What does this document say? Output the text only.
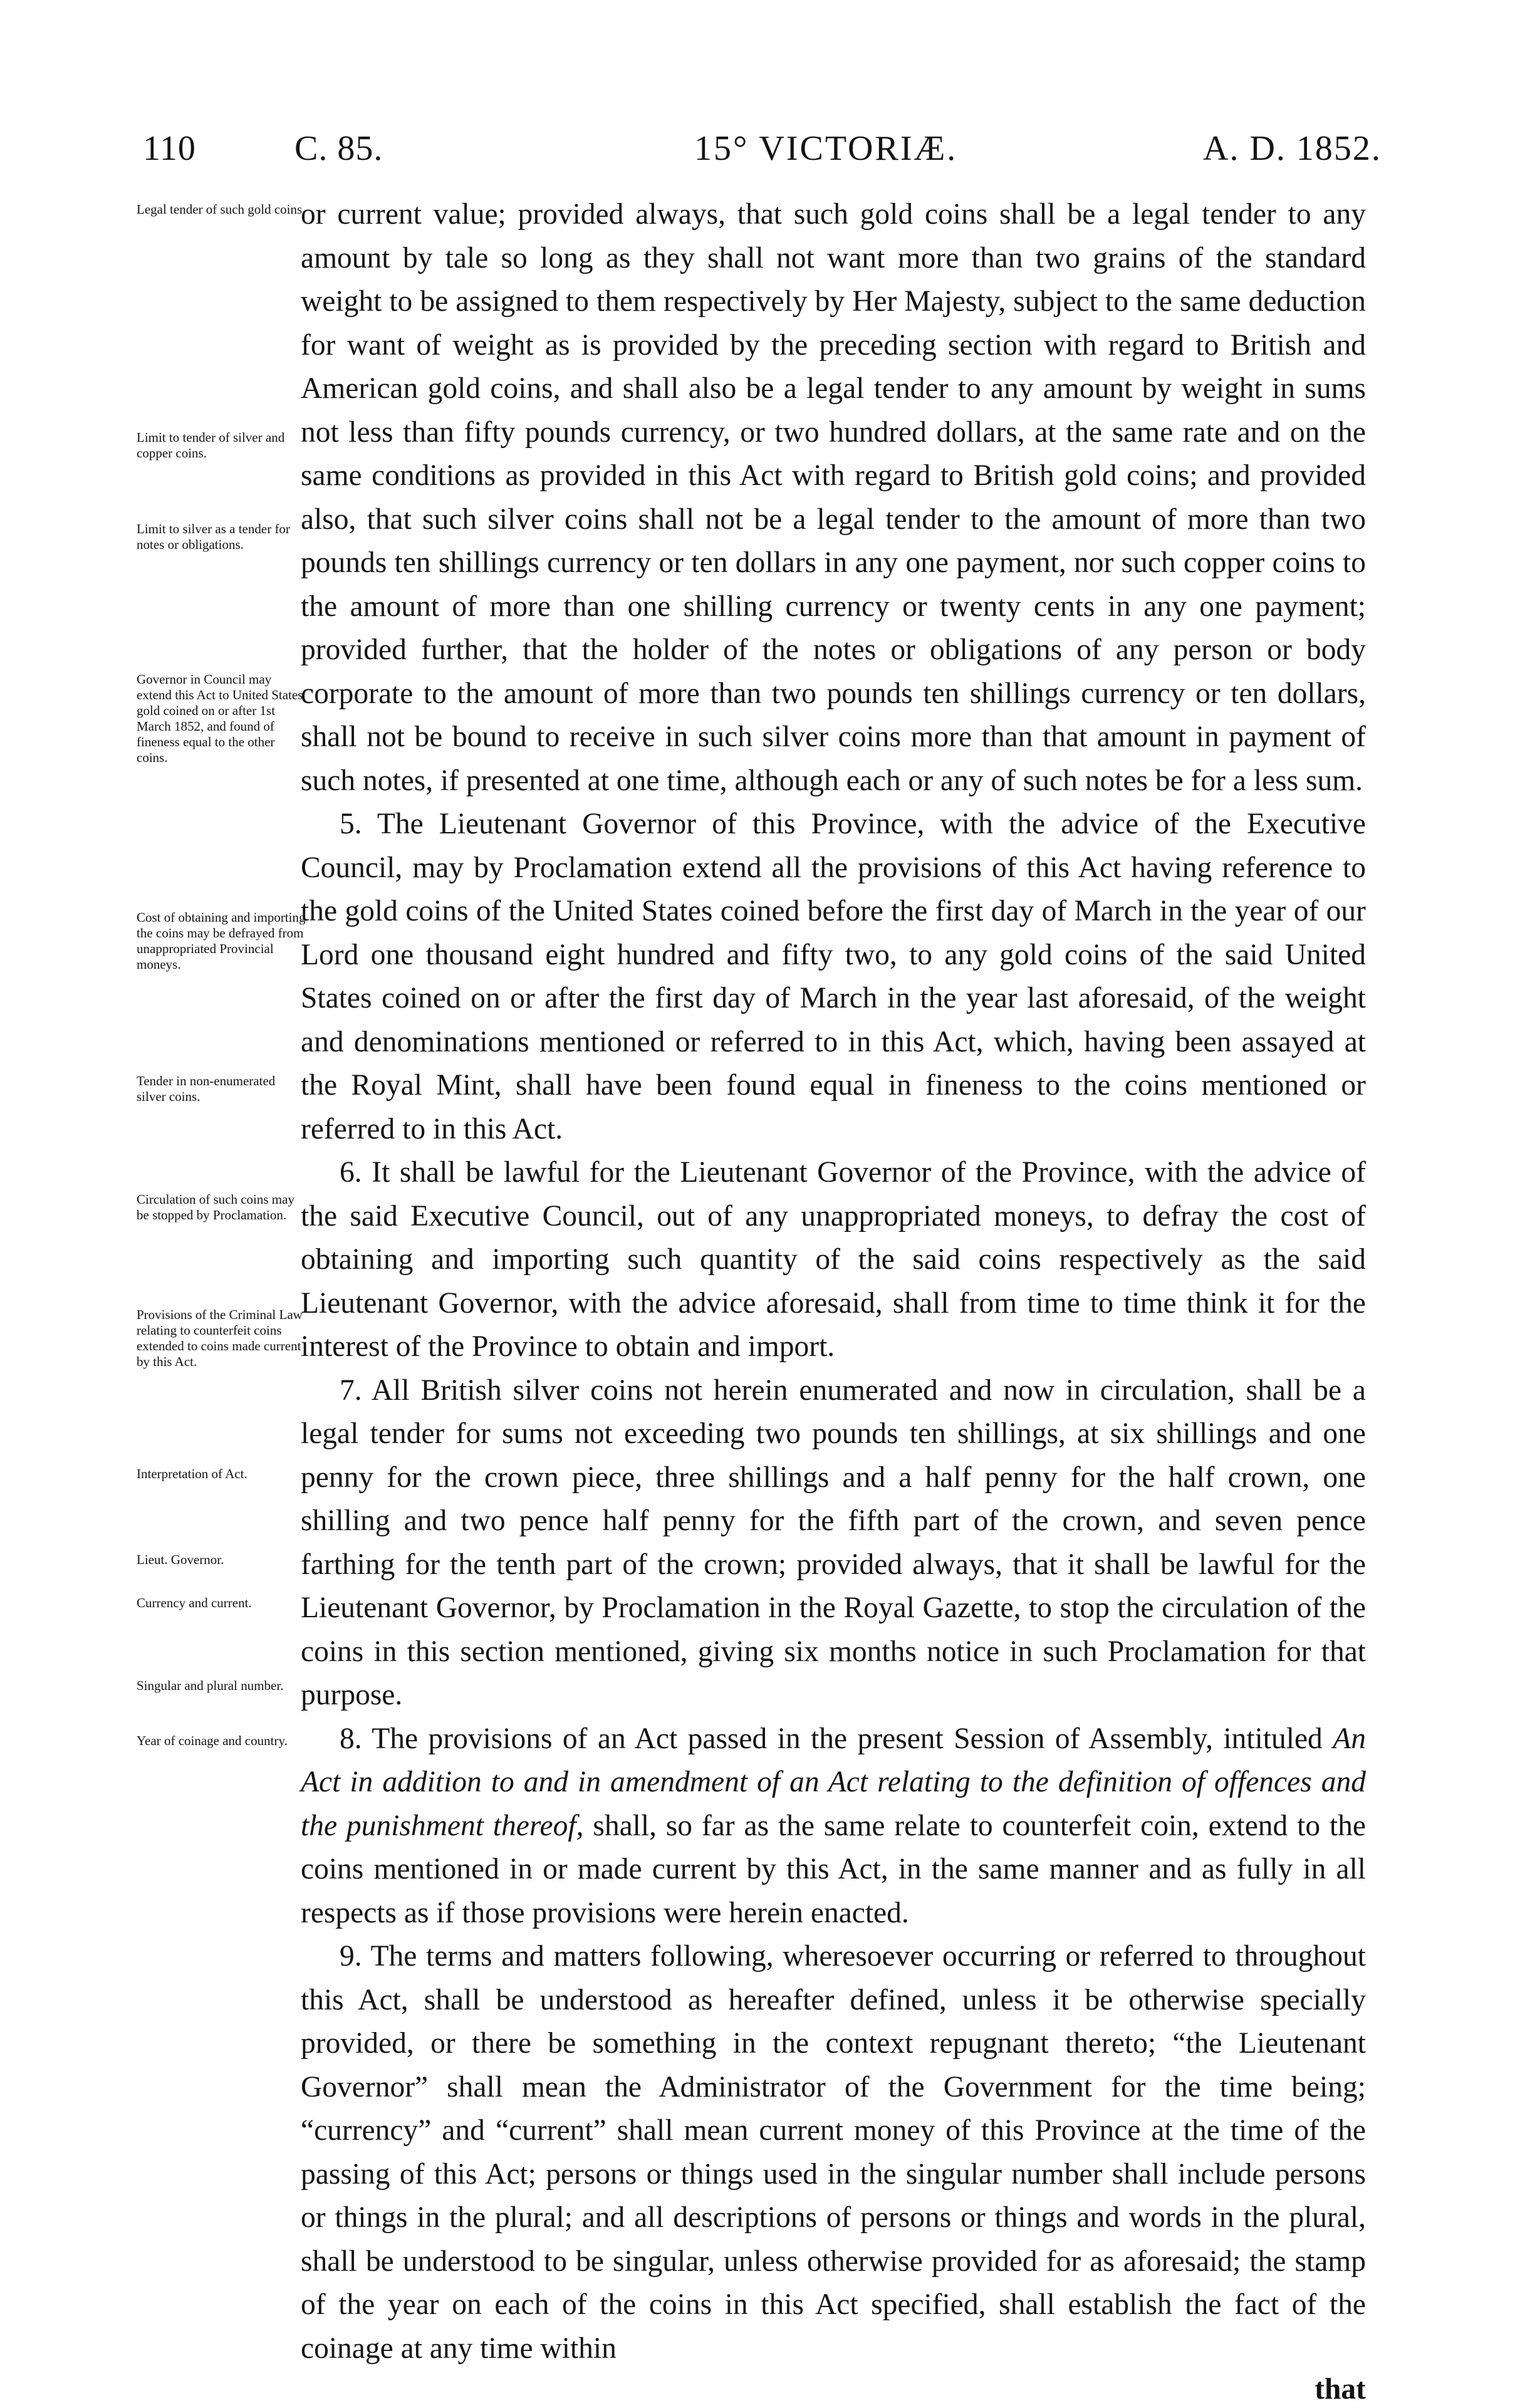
110	C. 85.	15° VICTORIÆ.	A. D. 1852.
Legal tender of such gold coins.
Limit to tender of silver and copper coins.
Limit to silver as a tender for notes or obligations.
Governor in Council may extend this Act to United States gold coined on or after 1st March 1852, and found of fineness equal to the other coins.
Cost of obtaining and importing the coins may be defrayed from unappropriated Provincial moneys.
Tender in non-enumerated silver coins.
Circulation of such coins may be stopped by Proclamation.
Provisions of the Criminal Law relating to counterfeit coins extended to coins made current by this Act.
Interpretation of Act.
Lieut. Governor.
Currency and current.
Singular and plural number.
Year of coinage and country.

or current value; provided always, that such gold coins shall be a legal tender to any amount by tale so long as they shall not want more than two grains of the standard weight to be assigned to them respectively by Her Majesty, subject to the same deduction for want of weight as is provided by the preceding section with regard to British and American gold coins, and shall also be a legal tender to any amount by weight in sums not less than fifty pounds currency, or two hundred dollars, at the same rate and on the same conditions as provided in this Act with regard to British gold coins; and provided also, that such silver coins shall not be a legal tender to the amount of more than two pounds ten shillings currency or ten dollars in any one payment, nor such copper coins to the amount of more than one shilling currency or twenty cents in any one payment; provided further, that the holder of the notes or obligations of any person or body corporate to the amount of more than two pounds ten shillings currency or ten dollars, shall not be bound to receive in such silver coins more than that amount in payment of such notes, if presented at one time, although each or any of such notes be for a less sum.

5. The Lieutenant Governor of this Province, with the advice of the Executive Council, may by Proclamation extend all the provisions of this Act having reference to the gold coins of the United States coined before the first day of March in the year of our Lord one thousand eight hundred and fifty two, to any gold coins of the said United States coined on or after the first day of March in the year last aforesaid, of the weight and denominations mentioned or referred to in this Act, which, having been assayed at the Royal Mint, shall have been found equal in fineness to the coins mentioned or referred to in this Act.

6. It shall be lawful for the Lieutenant Governor of the Province, with the advice of the said Executive Council, out of any unappropriated moneys, to defray the cost of obtaining and importing such quantity of the said coins respectively as the said Lieutenant Governor, with the advice aforesaid, shall from time to time think it for the interest of the Province to obtain and import.

7. All British silver coins not herein enumerated and now in circulation, shall be a legal tender for sums not exceeding two pounds ten shillings, at six shillings and one penny for the crown piece, three shillings and a half penny for the half crown, one shilling and two pence half penny for the fifth part of the crown, and seven pence farthing for the tenth part of the crown; provided always, that it shall be lawful for the Lieutenant Governor, by Proclamation in the Royal Gazette, to stop the circulation of the coins in this section mentioned, giving six months notice in such Proclamation for that purpose.

8. The provisions of an Act passed in the present Session of Assembly, intituled An Act in addition to and in amendment of an Act relating to the definition of offences and the punishment thereof, shall, so far as the same relate to counterfeit coin, extend to the coins mentioned in or made current by this Act, in the same manner and as fully in all respects as if those provisions were herein enacted.

9. The terms and matters following, wheresoever occurring or referred to throughout this Act, shall be understood as hereafter defined, unless it be otherwise specially provided, or there be something in the context repugnant thereto; “the Lieutenant Governor” shall mean the Administrator of the Government for the time being; “currency” and “current” shall mean current money of this Province at the time of the passing of this Act; persons or things used in the singular number shall include persons or things in the plural; and all descriptions of persons or things and words in the plural, shall be understood to be singular, unless otherwise provided for as aforesaid; the stamp of the year on each of the coins in this Act specified, shall establish the fact of the coinage at any time within

that
